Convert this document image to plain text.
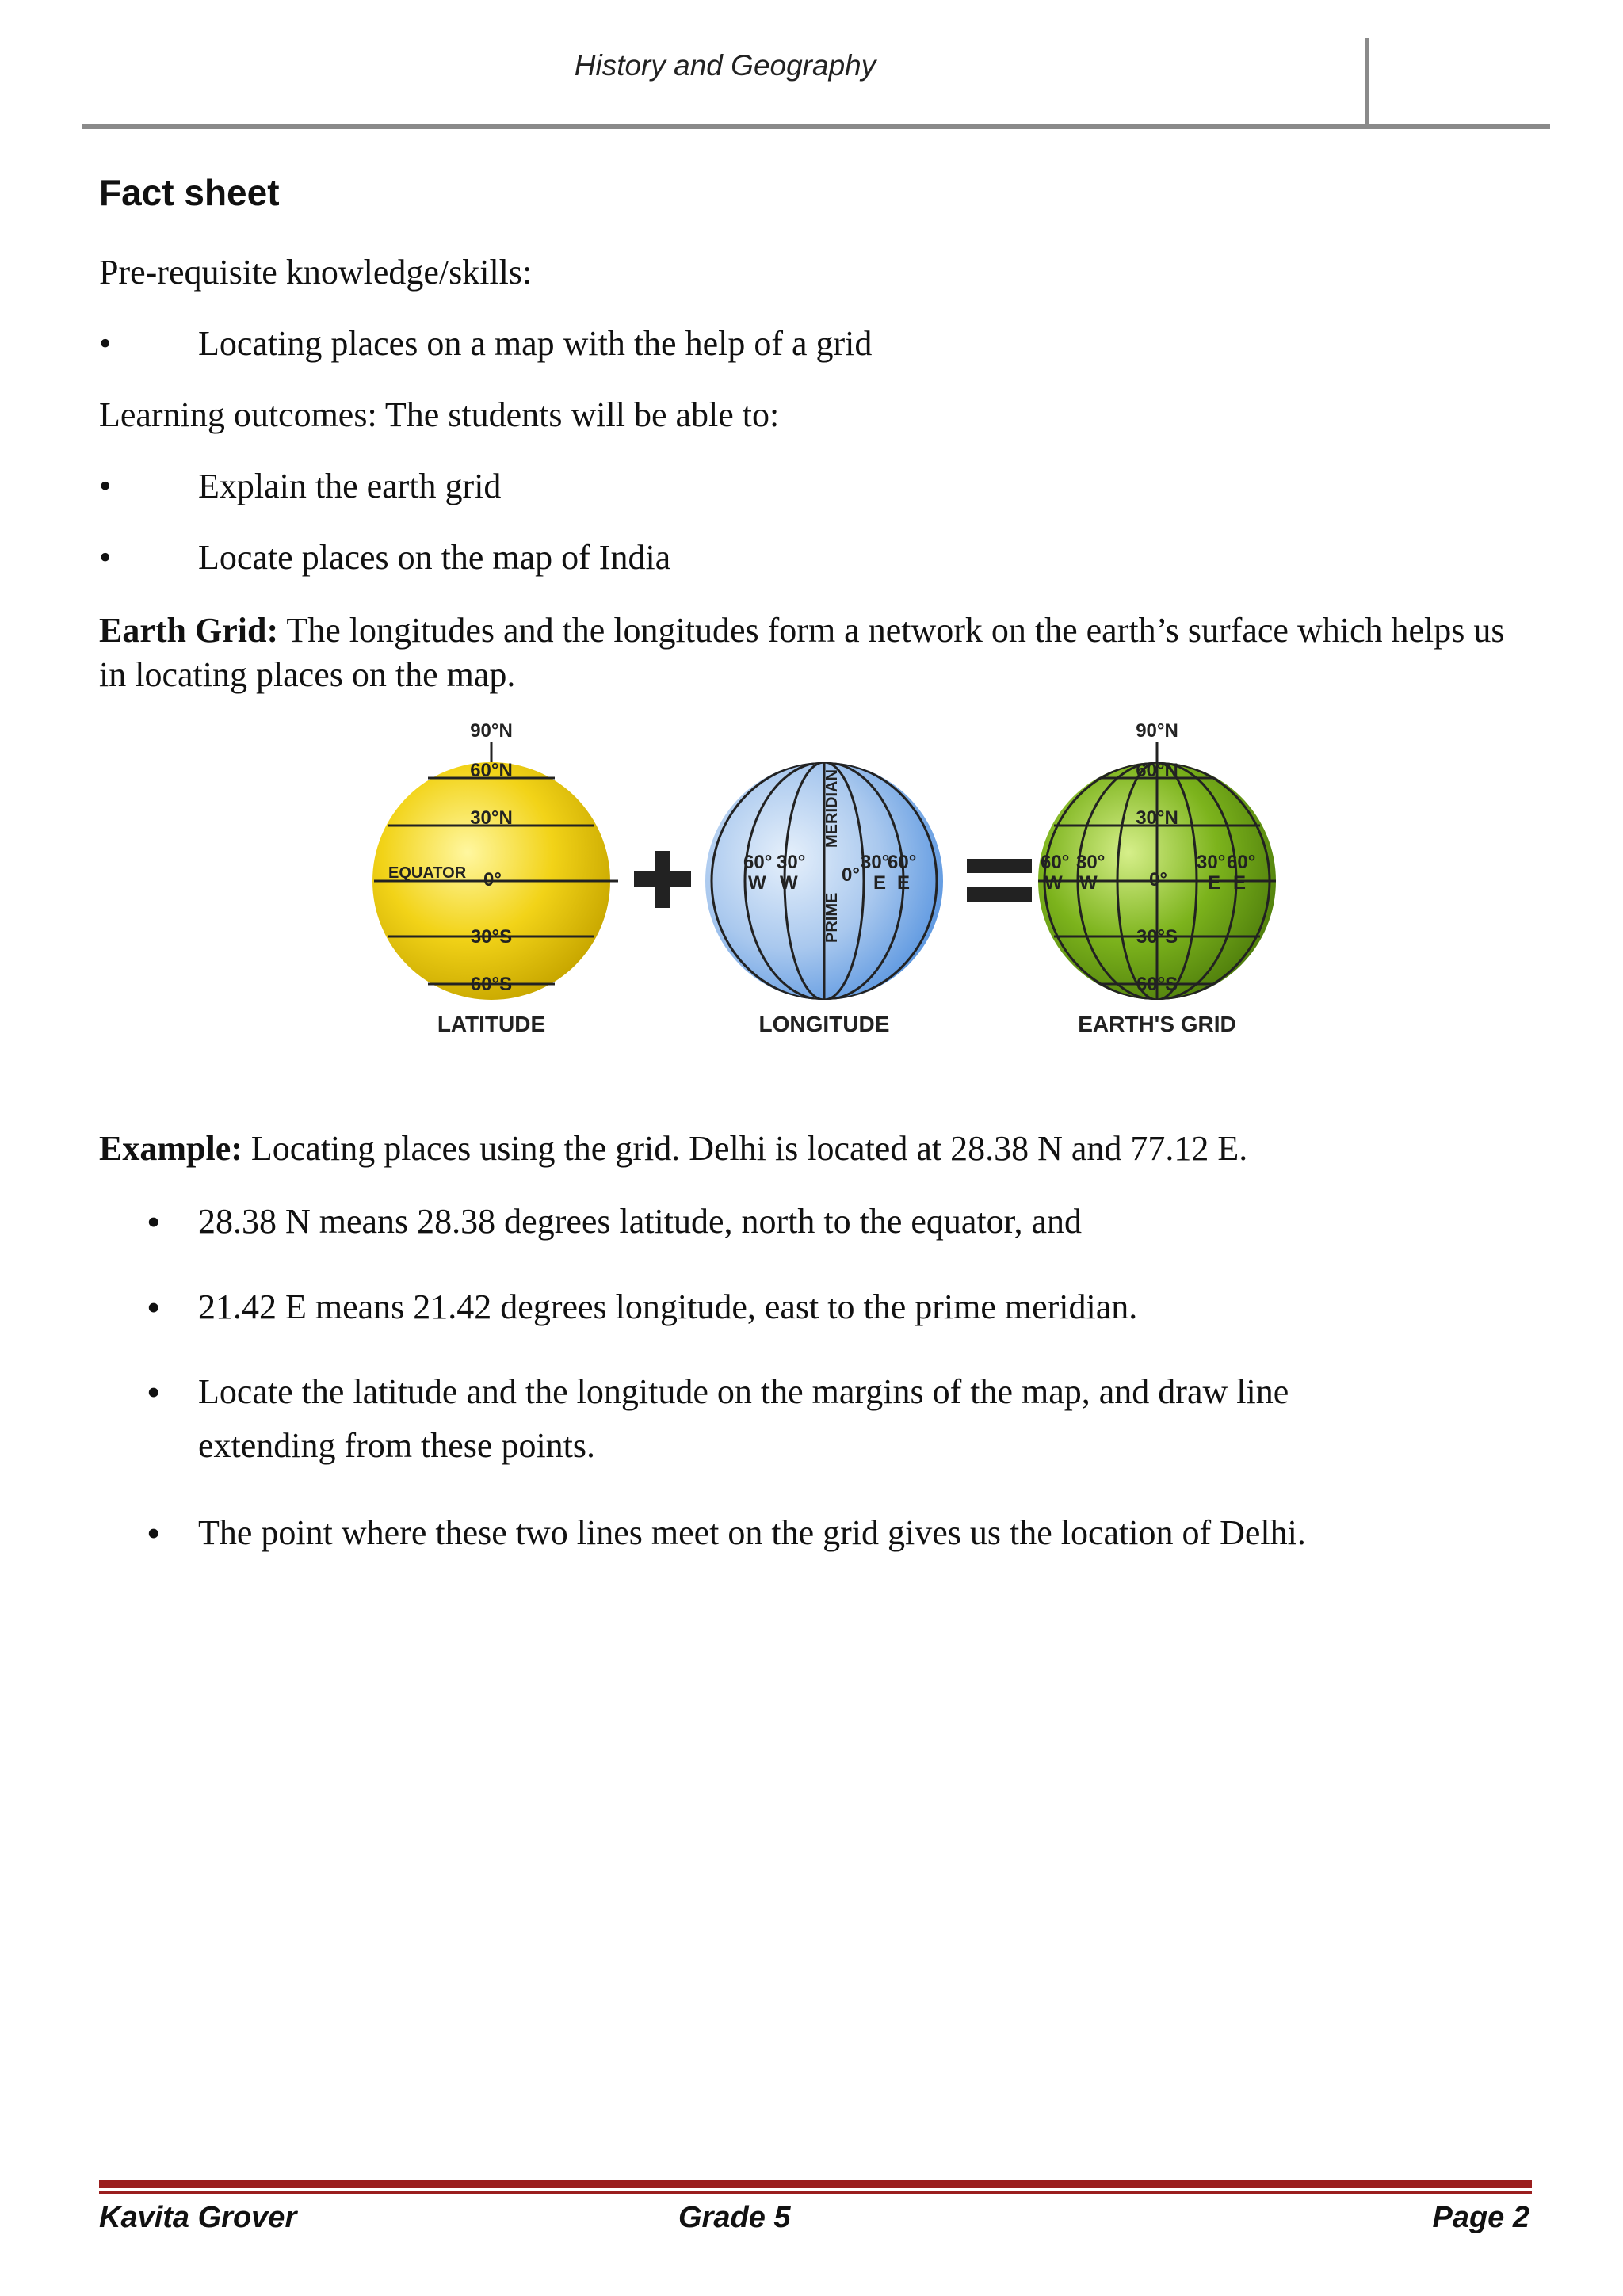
History and Geography
Fact sheet
Pre-requisite knowledge/skills:
• Locating places on a map with the help of a grid
Learning outcomes: The students will be able to:
• Explain the earth grid
• Locate places on the map of India
Earth Grid: The longitudes and the longitudes form a network on the earth’s surface which helps us in locating places on the map.
90°N
60°N
30°N
EQUATOR 0°
30°S
60°S
LATITUDE
MERIDIAN
PRIME
60° 30°
0°
30°
60°
W W	E E
LONGITUDE
90°N
60°N
30°N
0°
30°S
60°S
60° 30°	30° 60°
W W	E E
EARTH'S GRID
Example: Locating places using the grid. Delhi is located at 28.38 N and 77.12 E.
• 28.38 N means 28.38 degrees latitude, north to the equator, and
• 21.42 E means 21.42 degrees longitude, east to the prime meridian.
• Locate the latitude and the longitude on the margins of the map, and draw line extending from these points.
• The point where these two lines meet on the grid gives us the location of Delhi.
Kavita Grover	Grade 5	Page 2
